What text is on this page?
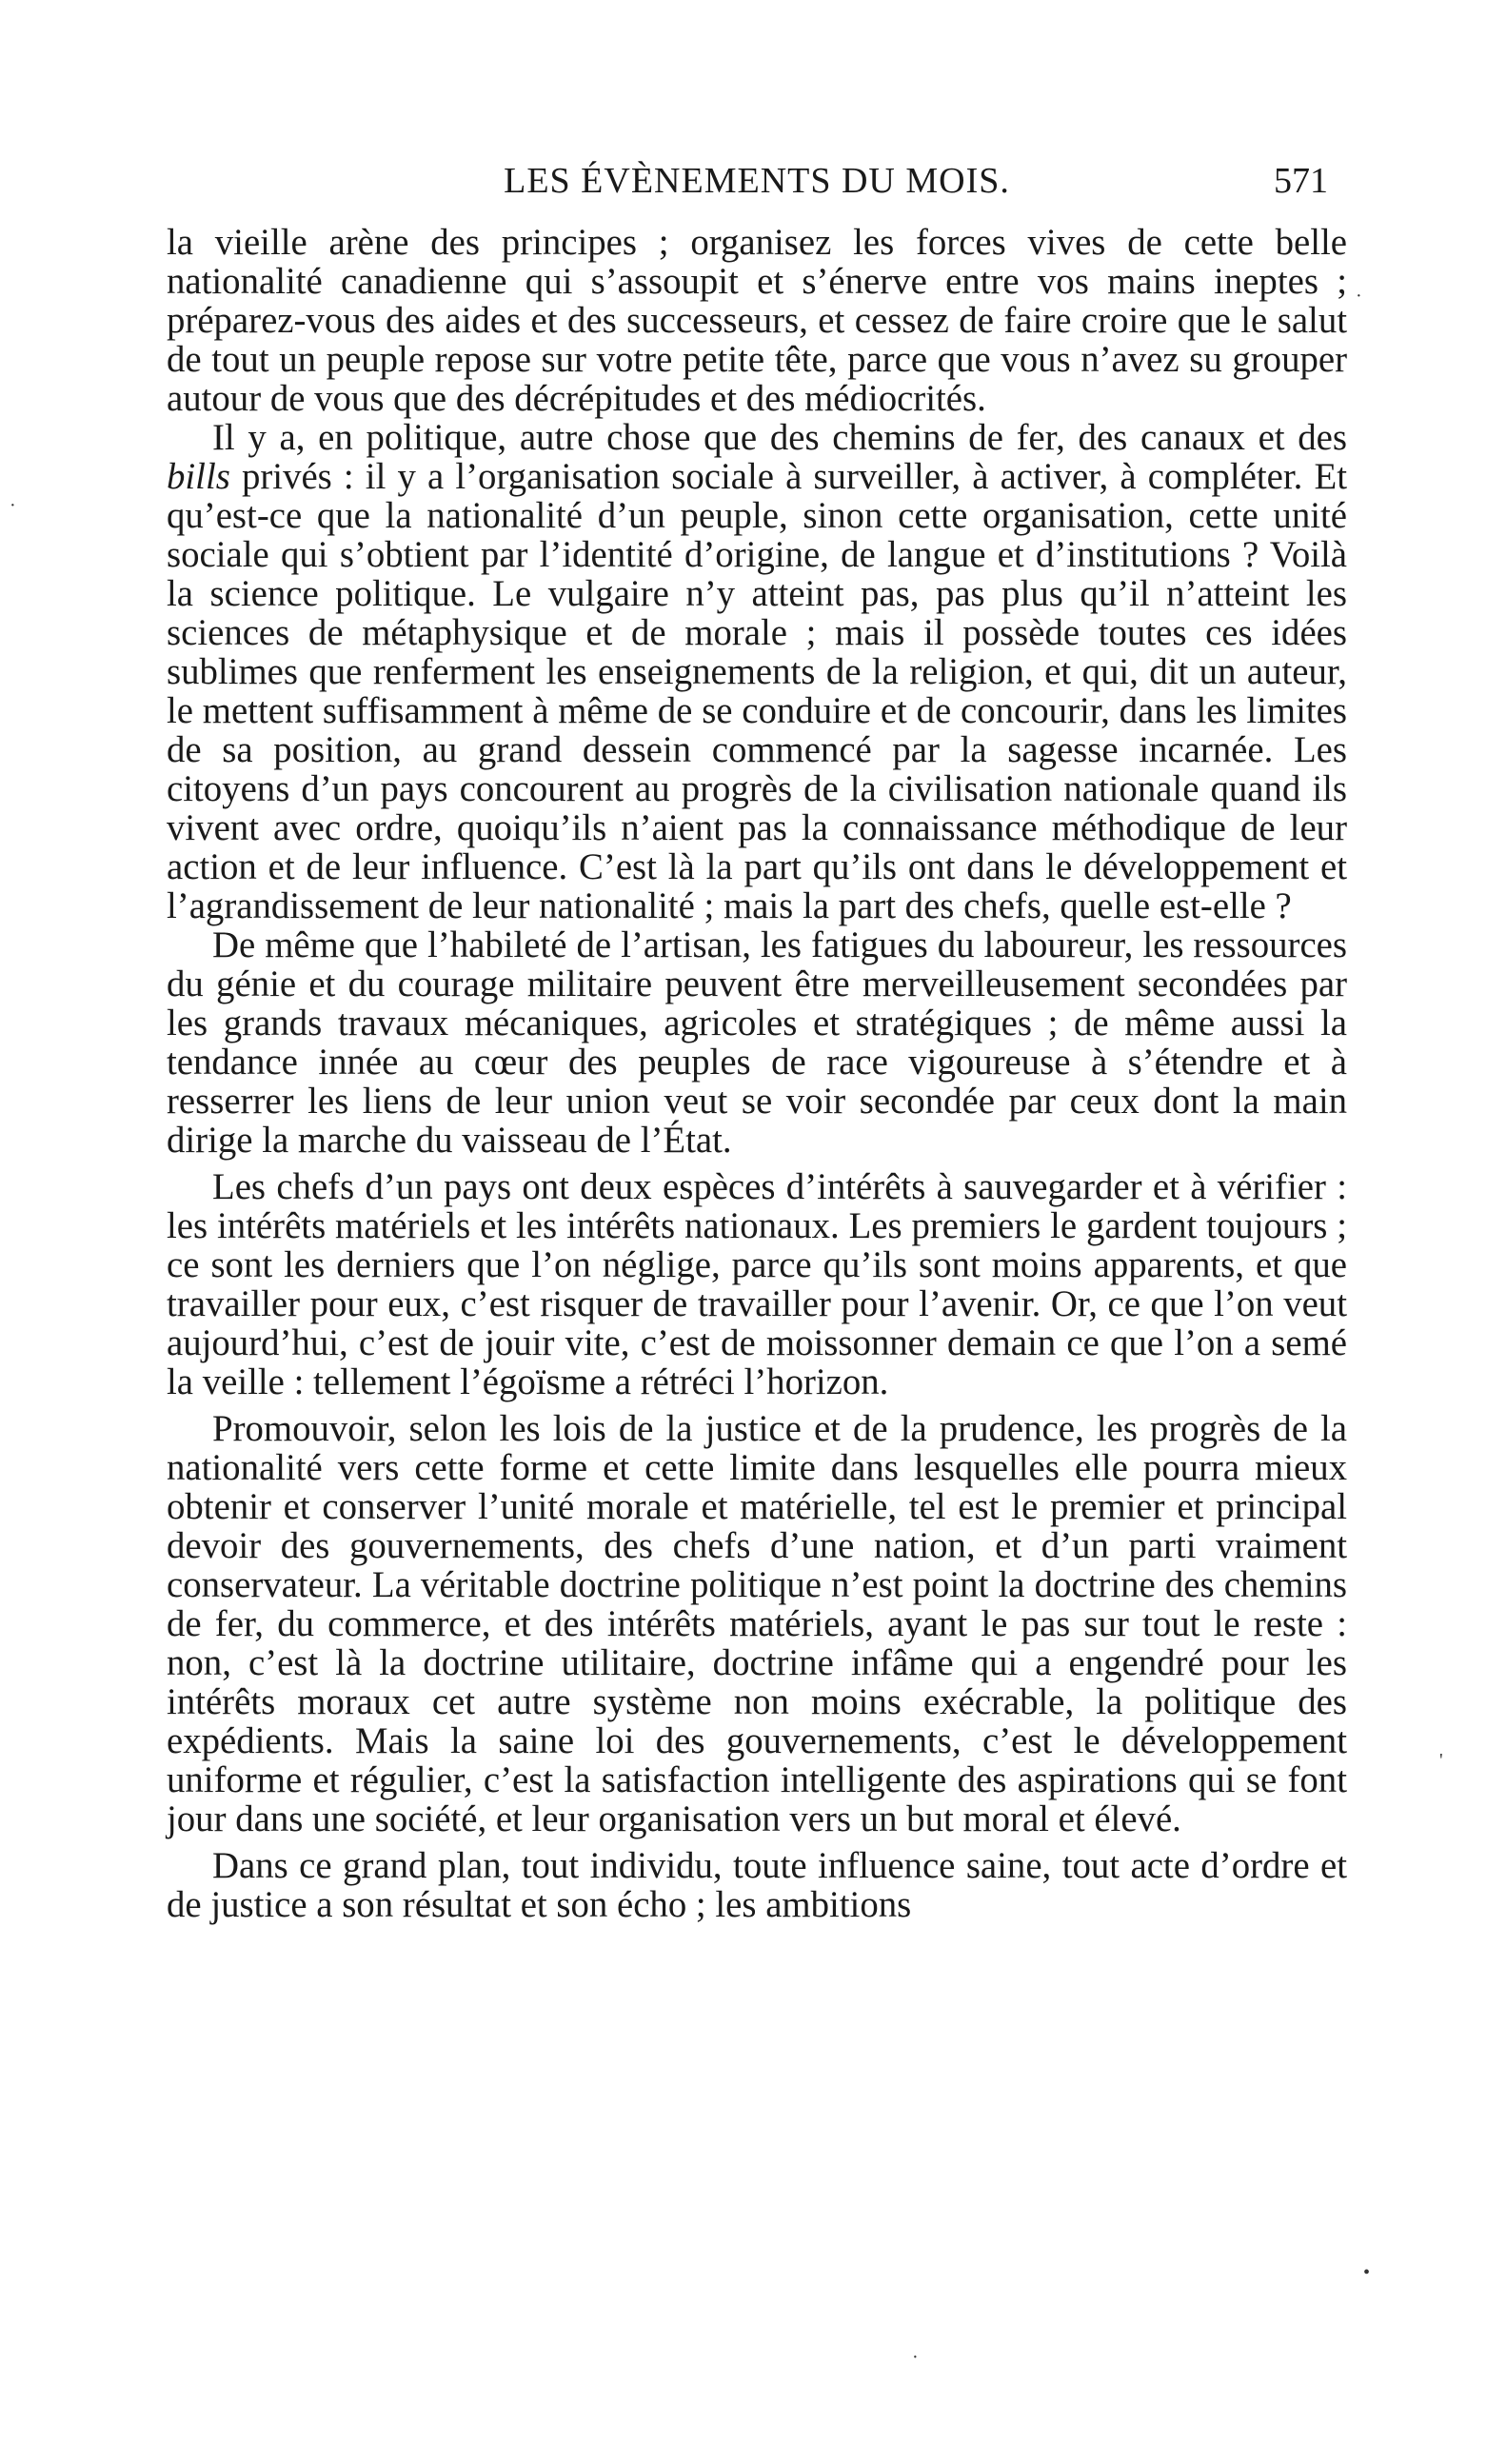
LES ÉVÈNEMENTS DU MOIS.	571

la vieille arène des principes ; organisez les forces vives de cette belle nationalité canadienne qui s’assoupit et s’énerve entre vos mains ineptes ; préparez-vous des aides et des successeurs, et cessez de faire croire que le salut de tout un peuple repose sur votre petite tête, parce que vous n’avez su grouper autour de vous que des décrépitudes et des médiocrités.

Il y a, en politique, autre chose que des chemins de fer, des canaux et des bills privés : il y a l’organisation sociale à surveiller, à activer, à compléter. Et qu’est-ce que la nationalité d’un peuple, sinon cette organisation, cette unité sociale qui s’obtient par l’identité d’origine, de langue et d’institutions ? Voilà la science politique. Le vulgaire n’y atteint pas, pas plus qu’il n’atteint les sciences de métaphysique et de morale ; mais il possède toutes ces idées sublimes que renferment les enseignements de la religion, et qui, dit un auteur, le mettent suffisamment à même de se conduire et de concourir, dans les limites de sa position, au grand dessein commencé par la sagesse incarnée. Les citoyens d’un pays concourent au progrès de la civilisation nationale quand ils vivent avec ordre, quoiqu’ils n’aient pas la connaissance méthodique de leur action et de leur influence. C’est là la part qu’ils ont dans le développement et l’agrandissement de leur nationalité ; mais la part des chefs, quelle est-elle ?

De même que l’habileté de l’artisan, les fatigues du laboureur, les ressources du génie et du courage militaire peuvent être merveilleusement secondées par les grands travaux mécaniques, agricoles et stratégiques ; de même aussi la tendance innée au cœur des peuples de race vigoureuse à s’étendre et à resserrer les liens de leur union veut se voir secondée par ceux dont la main dirige la marche du vaisseau de l’État.

Les chefs d’un pays ont deux espèces d’intérêts à sauvegarder et à vérifier : les intérêts matériels et les intérêts nationaux. Les premiers le gardent toujours ; ce sont les derniers que l’on néglige, parce qu’ils sont moins apparents, et que travailler pour eux, c’est risquer de travailler pour l’avenir. Or, ce que l’on veut aujourd’hui, c’est de jouir vite, c’est de moissonner demain ce que l’on a semé la veille : tellement l’égoïsme a rétréci l’horizon.

Promouvoir, selon les lois de la justice et de la prudence, les progrès de la nationalité vers cette forme et cette limite dans lesquelles elle pourra mieux obtenir et conserver l’unité morale et matérielle, tel est le premier et principal devoir des gouvernements, des chefs d’une nation, et d’un parti vraiment conservateur. La véritable doctrine politique n’est point la doctrine des chemins de fer, du commerce, et des intérêts matériels, ayant le pas sur tout le reste : non, c’est là la doctrine utilitaire, doctrine infâme qui a engendré pour les intérêts moraux cet autre système non moins exécrable, la politique des expédients. Mais la saine loi des gouvernements, c’est le développement uniforme et régulier, c’est la satisfaction intelligente des aspirations qui se font jour dans une société, et leur organisation vers un but moral et élevé.

Dans ce grand plan, tout individu, toute influence saine, tout acte d’ordre et de justice a son résultat et son écho ; les ambitions

·
·
'
•
·
